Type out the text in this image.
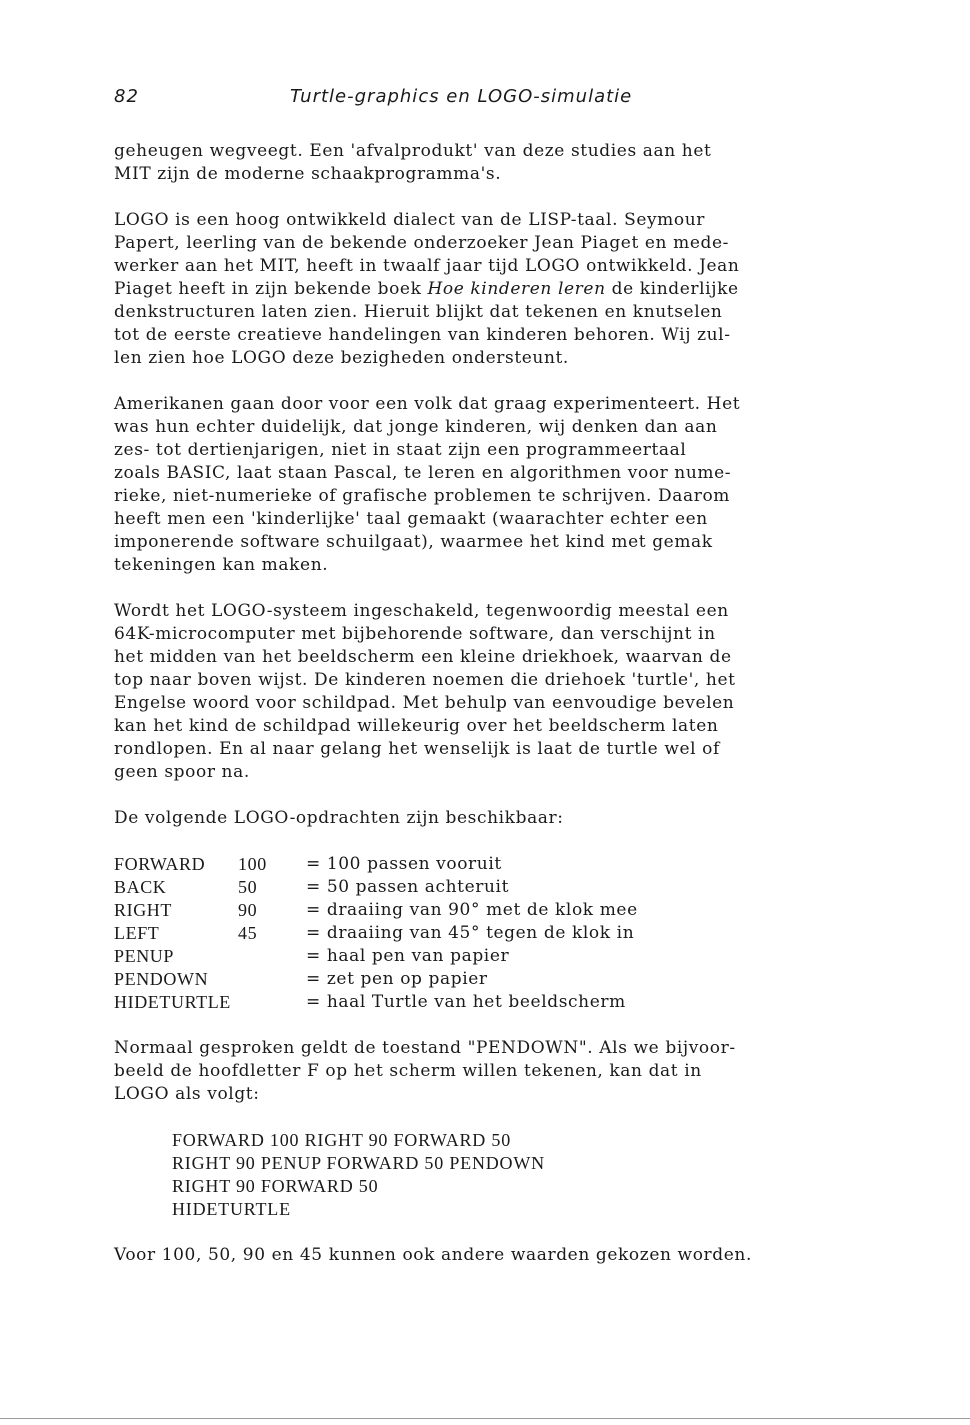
82	Turtle-graphics en LOGO-simulatie

geheugen wegveegt. Een 'afvalprodukt' van deze studies aan het
MIT zijn de moderne schaakprogramma's.

LOGO is een hoog ontwikkeld dialect van de LISP-taal. Seymour
Papert, leerling van de bekende onderzoeker Jean Piaget en mede-
werker aan het MIT, heeft in twaalf jaar tijd LOGO ontwikkeld. Jean
Piaget heeft in zijn bekende boek Hoe kinderen leren de kinderlijke
denkstructuren laten zien. Hieruit blijkt dat tekenen en knutselen
tot de eerste creatieve handelingen van kinderen behoren. Wij zul-
len zien hoe LOGO deze bezigheden ondersteunt.

Amerikanen gaan door voor een volk dat graag experimenteert. Het
was hun echter duidelijk, dat jonge kinderen, wij denken dan aan
zes- tot dertienjarigen, niet in staat zijn een programmeertaal
zoals BASIC, laat staan Pascal, te leren en algorithmen voor nume-
rieke, niet-numerieke of grafische problemen te schrijven. Daarom
heeft men een 'kinderlijke' taal gemaakt (waarachter echter een
imponerende software schuilgaat), waarmee het kind met gemak
tekeningen kan maken.

Wordt het LOGO-systeem ingeschakeld, tegenwoordig meestal een
64K-microcomputer met bijbehorende software, dan verschijnt in
het midden van het beeldscherm een kleine driekhoek, waarvan de
top naar boven wijst. De kinderen noemen die driehoek 'turtle', het
Engelse woord voor schildpad. Met behulp van eenvoudige bevelen
kan het kind de schildpad willekeurig over het beeldscherm laten
rondlopen. En al naar gelang het wenselijk is laat de turtle wel of
geen spoor na.

De volgende LOGO-opdrachten zijn beschikbaar:

FORWARD	100	= 100 passen vooruit
BACK	50	= 50 passen achteruit
RIGHT	90	= draaiing van 90° met de klok mee
LEFT	45	= draaiing van 45° tegen de klok in
PENUP		= haal pen van papier
PENDOWN		= zet pen op papier
HIDETURTLE		= haal Turtle van het beeldscherm

Normaal gesproken geldt de toestand "PENDOWN". Als we bijvoor-
beeld de hoofdletter F op het scherm willen tekenen, kan dat in
LOGO als volgt:

FORWARD 100 RIGHT 90 FORWARD 50
RIGHT 90 PENUP FORWARD 50 PENDOWN
RIGHT 90 FORWARD 50
HIDETURTLE

Voor 100, 50, 90 en 45 kunnen ook andere waarden gekozen worden.
